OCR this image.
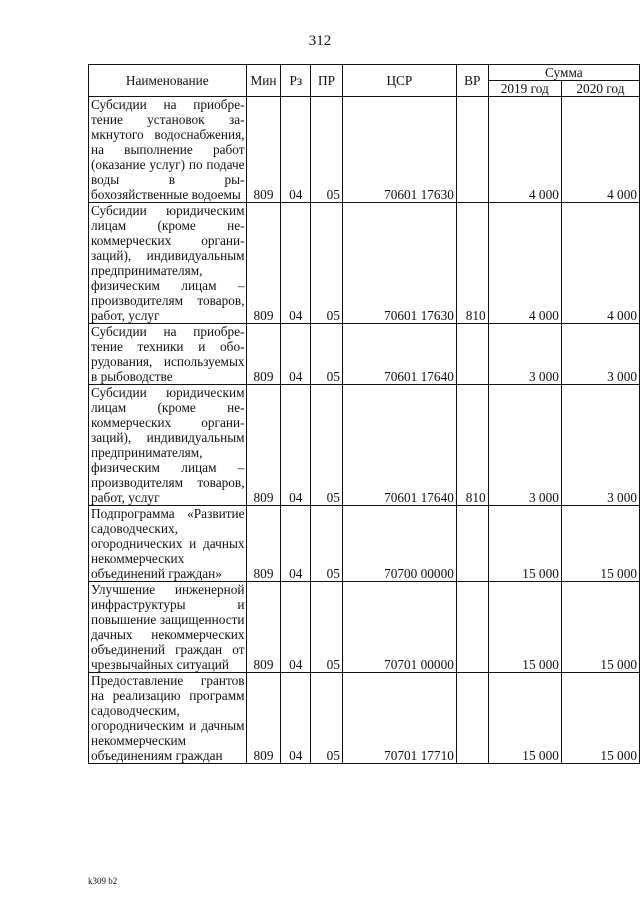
312
Наименование	Мин	Рз	ПР	ЦСР	ВР	Сумма	
						2019 год	2020 год
Субсидии на приобретение установок замкнутого водоснабжения, на выполнение работ (оказание услуг) по подаче воды в рыбохозяйственные водоемы	809	04	05	70601 17630		4 000	4 000
Субсидии юридическим лицам (кроме некоммерческих организаций), индивидуальным предпринимателям, физическим лицам – производителям товаров, работ, услуг	809	04	05	70601 17630	810	4 000	4 000
Субсидии на приобретение техники и оборудования, используемых в рыбоводстве	809	04	05	70601 17640		3 000	3 000
Субсидии юридическим лицам (кроме некоммерческих организаций), индивидуальным предпринимателям, физическим лицам – производителям товаров, работ, услуг	809	04	05	70601 17640	810	3 000	3 000
Подпрограмма «Развитие садоводческих, огороднических и дачных некоммерческих объединений граждан»	809	04	05	70700 00000		15 000	15 000
Улучшение инженерной инфраструктуры и повышение защищенности дачных некоммерческих объединений граждан от чрезвычайных ситуаций	809	04	05	70701 00000		15 000	15 000
Предоставление грантов на реализацию программ садоводческим, огородническим и дачным некоммерческим объединениям граждан	809	04	05	70701 17710		15 000	15 000
k309 b2
